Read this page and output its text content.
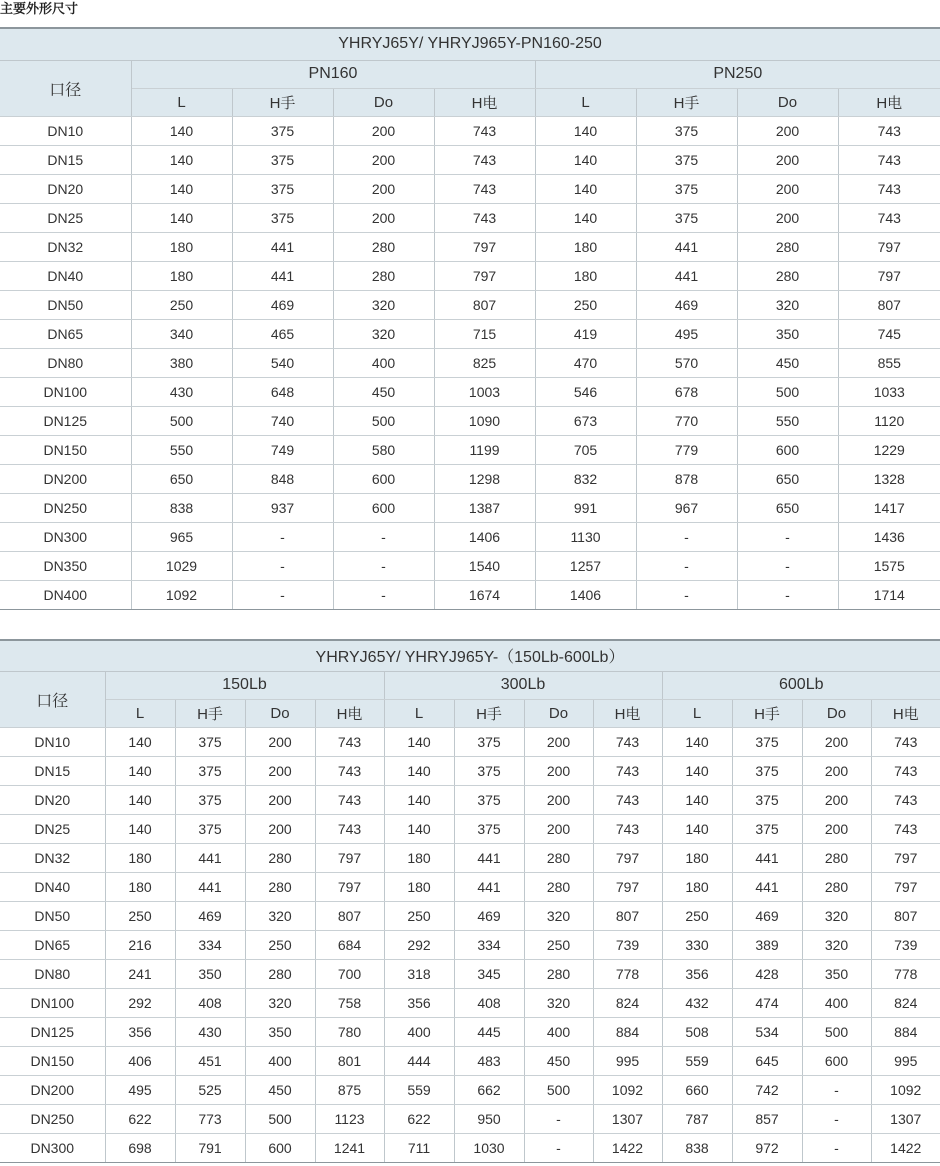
主要外形尺寸
YHRYJ65Y/ YHRYJ965Y-PN160-250								
口径	PN160				PN250			
	L	H手	Do	H电	L	H手	Do	H电
DN10	140	375	200	743	140	375	200	743
DN15	140	375	200	743	140	375	200	743
DN20	140	375	200	743	140	375	200	743
DN25	140	375	200	743	140	375	200	743
DN32	180	441	280	797	180	441	280	797
DN40	180	441	280	797	180	441	280	797
DN50	250	469	320	807	250	469	320	807
DN65	340	465	320	715	419	495	350	745
DN80	380	540	400	825	470	570	450	855
DN100	430	648	450	1003	546	678	500	1033
DN125	500	740	500	1090	673	770	550	1120
DN150	550	749	580	1199	705	779	600	1229
DN200	650	848	600	1298	832	878	650	1328
DN250	838	937	600	1387	991	967	650	1417
DN300	965	-	-	1406	1130	-	-	1436
DN350	1029	-	-	1540	1257	-	-	1575
DN400	1092	-	-	1674	1406	-	-	1714
YHRYJ65Y/ YHRYJ965Y-（150Lb-600Lb）												
口径	150Lb				300Lb				600Lb			
	L	H手	Do	H电	L	H手	Do	H电	L	H手	Do	H电
DN10	140	375	200	743	140	375	200	743	140	375	200	743
DN15	140	375	200	743	140	375	200	743	140	375	200	743
DN20	140	375	200	743	140	375	200	743	140	375	200	743
DN25	140	375	200	743	140	375	200	743	140	375	200	743
DN32	180	441	280	797	180	441	280	797	180	441	280	797
DN40	180	441	280	797	180	441	280	797	180	441	280	797
DN50	250	469	320	807	250	469	320	807	250	469	320	807
DN65	216	334	250	684	292	334	250	739	330	389	320	739
DN80	241	350	280	700	318	345	280	778	356	428	350	778
DN100	292	408	320	758	356	408	320	824	432	474	400	824
DN125	356	430	350	780	400	445	400	884	508	534	500	884
DN150	406	451	400	801	444	483	450	995	559	645	600	995
DN200	495	525	450	875	559	662	500	1092	660	742	-	1092
DN250	622	773	500	1123	622	950	-	1307	787	857	-	1307
DN300	698	791	600	1241	711	1030	-	1422	838	972	-	1422
